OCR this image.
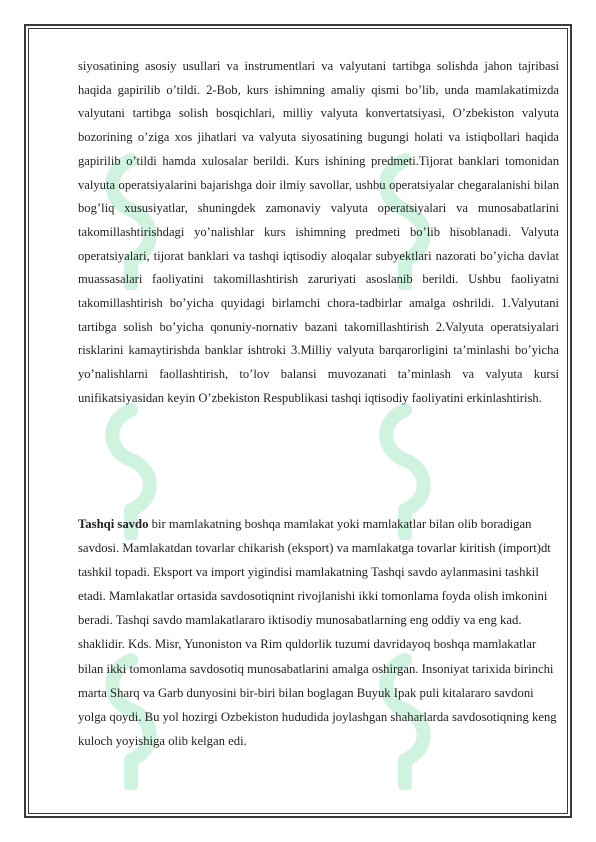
siyosatining asosiy usullari va instrumentlari va valyutani tartibga solishda jahon tajribasi haqida gapirilib o’tildi. 2-Bob, kurs ishimning amaliy qismi bo’lib, unda mamlakatimizda valyutani tartibga solish bosqichlari, milliy valyuta konvertatsiyasi, O’zbekiston valyuta bozorining o’ziga xos jihatlari va valyuta siyosatining bugungi holati va istiqbollari haqida gapirilib o’tildi hamda xulosalar berildi. Kurs ishining predmeti.Tijorat banklari tomonidan valyuta operatsiyalarini bajarishga doir ilmiy savollar, ushbu operatsiyalar chegaralanishi bilan bog’liq xususiyatlar, shuningdek zamonaviy valyuta operatsiyalari va munosabatlarini takomillashtirishdagi yo’nalishlar kurs ishimning predmeti bo’lib hisoblanadi. Valyuta operatsiyalari, tijorat banklari va tashqi iqtisodiy aloqalar subyektlari nazorati bo’yicha davlat muassasalari faoliyatini takomillashtirish zaruriyati asoslanib berildi. Ushbu faoliyatni takomillashtirish bo’yicha quyidagi birlamchi chora-tadbirlar amalga oshrildi. 1.Valyutani tartibga solish bo’yicha qonuniy-nornativ bazani takomillashtirish 2.Valyuta operatsiyalari risklarini kamaytirishda banklar ishtroki 3.Milliy valyuta barqarorligini ta’minlashi bo’yicha yo’nalishlarni faollashtirish, to’lov balansi muvozanati ta’minlash va valyuta kursi unifikatsiyasidan keyin O’zbekiston Respublikasi tashqi iqtisodiy faoliyatini erkinlashtirish.

Tashqi savdo bir mamlakatning boshqa mamlakat yoki mamlakatlar bilan olib boradigan savdosi. Mamlakatdan tovarlar chikarish (eksport) va mamlakatga tovarlar kiritish (import)dt tashkil topadi. Eksport va import yigindisi mamlakatning Tashqi savdo aylanmasini tashkil etadi. Mamlakatlar ortasida savdosotiqnint rivojlanishi ikki tomonlama foyda olish imkonini beradi. Tashqi savdo mamlakatlararo iktisodiy munosabatlarning eng oddiy va eng kad. shaklidir. Kds. Misr, Yunoniston va Rim quldorlik tuzumi davridayoq boshqa mamlakatlar bilan ikki tomonlama savdosotiq munosabatlarini amalga oshirgan. Insoniyat tarixida birinchi marta Sharq va Garb dunyosini bir-biri bilan boglagan Buyuk Ipak puli kitalararo savdoni yolga qoydi. Bu yol hozirgi Ozbekiston hududida joylashgan shaharlarda savdosotiqning keng kuloch yoyishiga olib kelgan edi.
